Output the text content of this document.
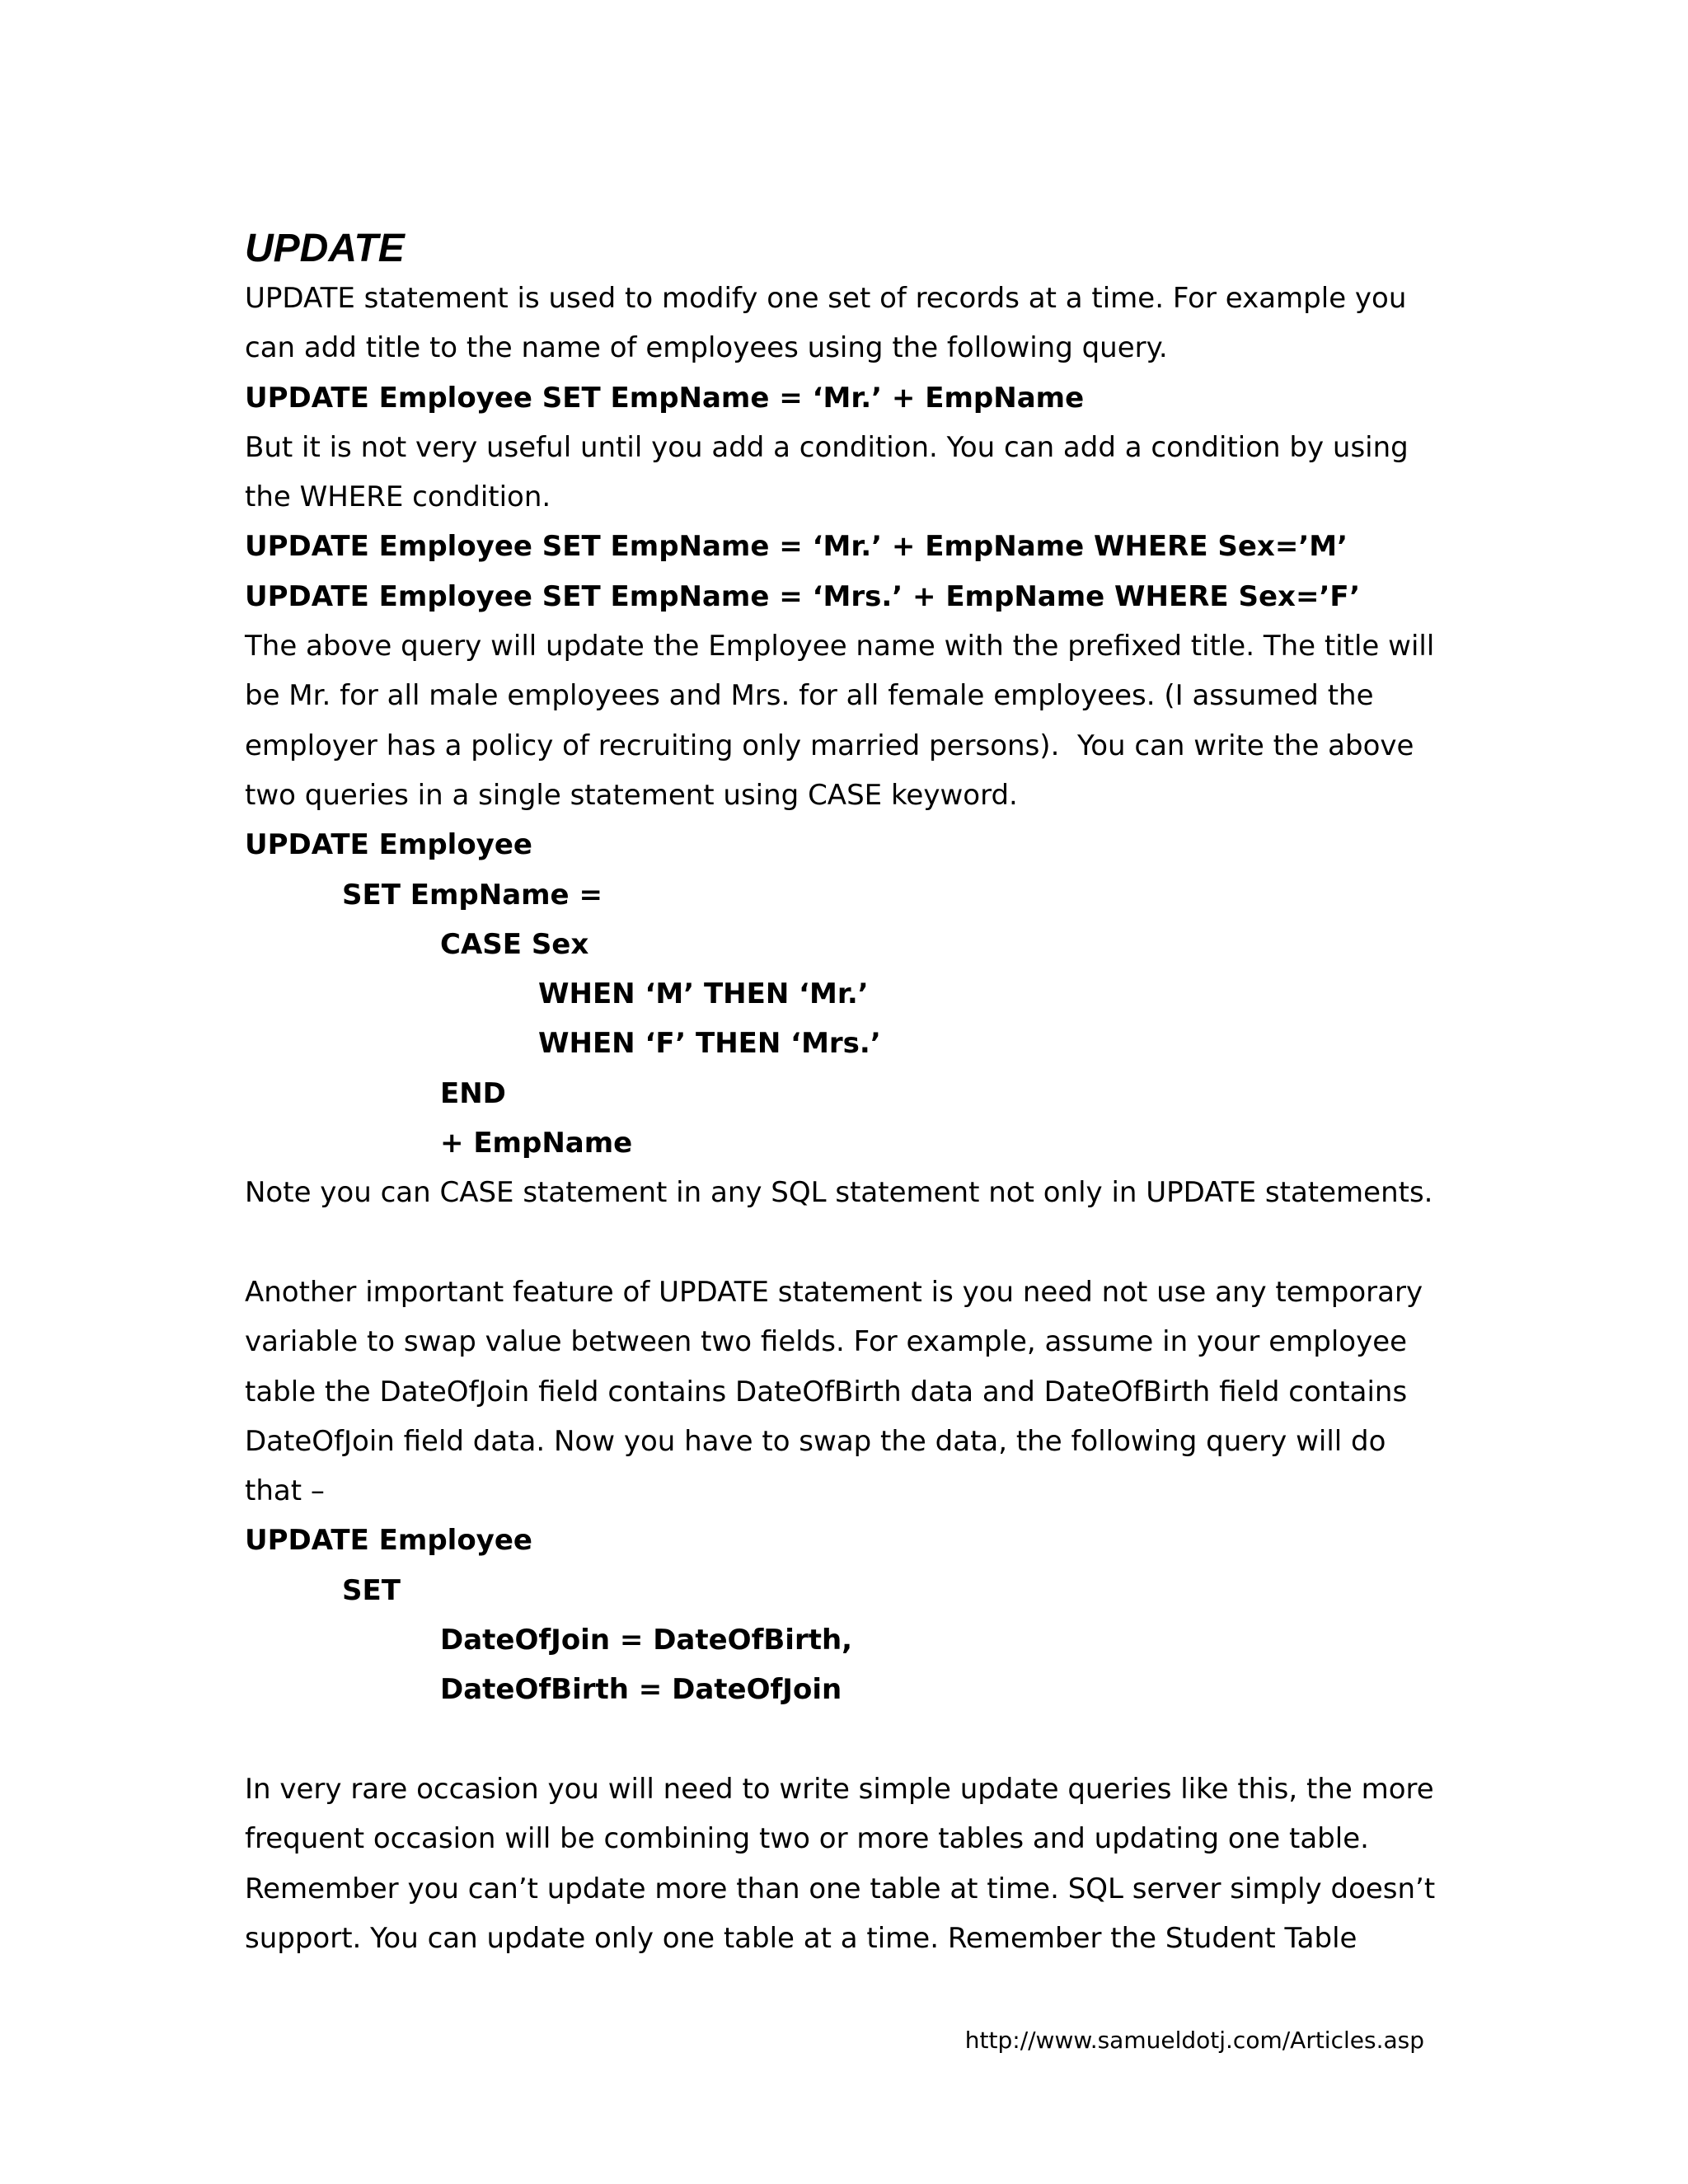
UPDATE
UPDATE statement is used to modify one set of records at a time. For example you
can add title to the name of employees using the following query.
UPDATE Employee SET EmpName = ‘Mr.’ + EmpName
But it is not very useful until you add a condition. You can add a condition by using
the WHERE condition.
UPDATE Employee SET EmpName = ‘Mr.’ + EmpName WHERE Sex=’M’
UPDATE Employee SET EmpName = ‘Mrs.’ + EmpName WHERE Sex=’F’
The above query will update the Employee name with the prefixed title. The title will
be Mr. for all male employees and Mrs. for all female employees. (I assumed the
employer has a policy of recruiting only married persons).  You can write the above
two queries in a single statement using CASE keyword.
UPDATE Employee
SET EmpName =
CASE Sex
WHEN ‘M’ THEN ‘Mr.’
WHEN ‘F’ THEN ‘Mrs.’
END
+ EmpName
Note you can CASE statement in any SQL statement not only in UPDATE statements.
Another important feature of UPDATE statement is you need not use any temporary
variable to swap value between two fields. For example, assume in your employee
table the DateOfJoin field contains DateOfBirth data and DateOfBirth field contains
DateOfJoin field data. Now you have to swap the data, the following query will do
that –
UPDATE Employee
SET
DateOfJoin = DateOfBirth,
DateOfBirth = DateOfJoin
In very rare occasion you will need to write simple update queries like this, the more
frequent occasion will be combining two or more tables and updating one table.
Remember you can’t update more than one table at time. SQL server simply doesn’t
support. You can update only one table at a time. Remember the Student Table
http://www.samueldotj.com/Articles.asp
